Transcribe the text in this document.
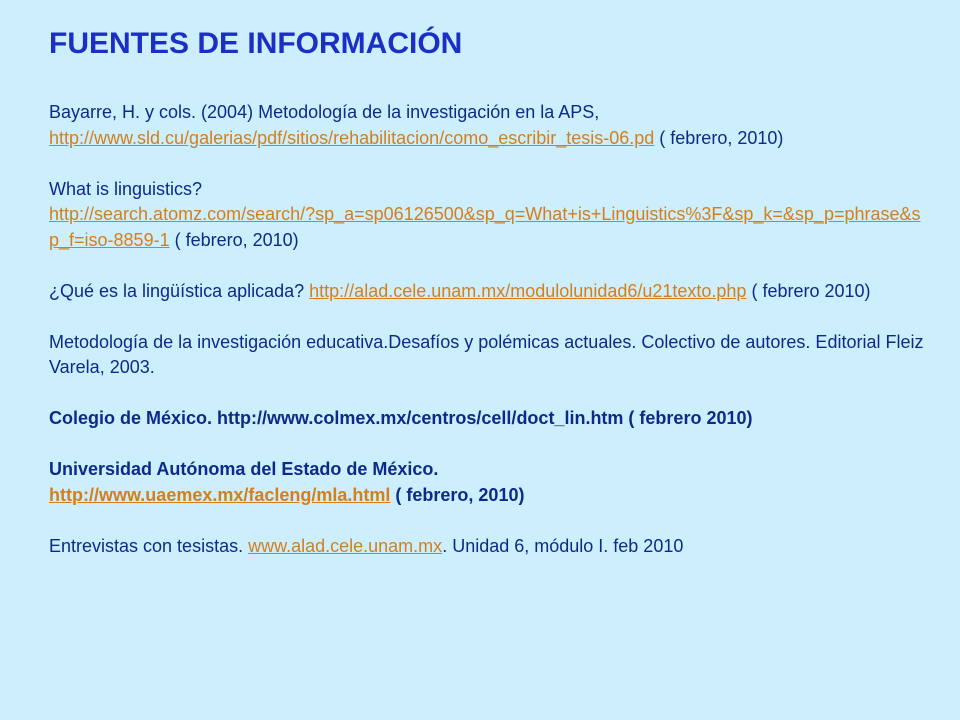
FUENTES DE INFORMACIÓN

Bayarre, H. y cols. (2004) Metodología de la investigación en la APS,
http://www.sld.cu/galerias/pdf/sitios/rehabilitacion/como_escribir_tesis-06.pd ( febrero, 2010)

What is linguistics?
http://search.atomz.com/search/?sp_a=sp06126500&sp_q=What+is+Linguistics%3F&sp_k=&sp_p=phrase&sp_f=iso-8859-1 ( febrero, 2010)

¿Qué es la lingüística aplicada? http://alad.cele.unam.mx/modulolunidad6/u21texto.php ( febrero 2010)

Metodología de la investigación educativa.Desafíos y polémicas actuales. Colectivo de autores. Editorial Fleiz Varela, 2003.

Colegio de México. http://www.colmex.mx/centros/cell/doct_lin.htm ( febrero 2010)

Universidad Autónoma del Estado de México.
http://www.uaemex.mx/facleng/mla.html ( febrero, 2010)

Entrevistas con tesistas. www.alad.cele.unam.mx. Unidad 6, módulo I. feb 2010
